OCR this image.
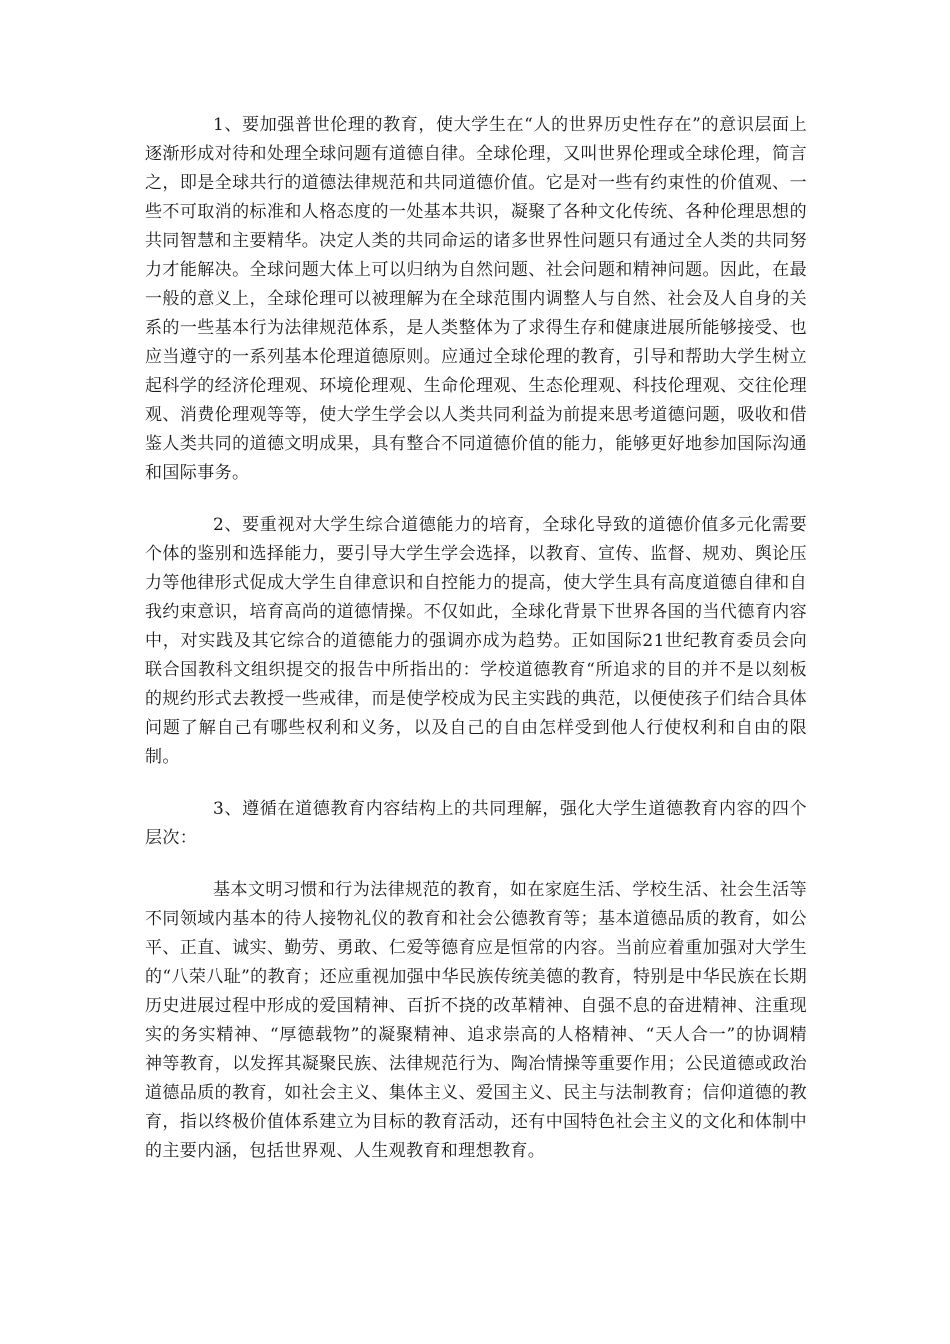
1、要加强普世伦理的教育，使大学生在“人的世界历史性存在”的意识层面上逐渐形成对待和处理全球问题有道德自律。全球伦理，又叫世界伦理或全球伦理，简言之，即是全球共行的道德法律规范和共同道德价值。它是对一些有约束性的价值观、一些不可取消的标准和人格态度的一处基本共识，凝聚了各种文化传统、各种伦理思想的共同智慧和主要精华。决定人类的共同命运的诸多世界性问题只有通过全人类的共同努力才能解决。全球问题大体上可以归纳为自然问题、社会问题和精神问题。因此，在最一般的意义上，全球伦理可以被理解为在全球范围内调整人与自然、社会及人自身的关系的一些基本行为法律规范体系，是人类整体为了求得生存和健康进展所能够接受、也应当遵守的一系列基本伦理道德原则。应通过全球伦理的教育，引导和帮助大学生树立起科学的经济伦理观、环境伦理观、生命伦理观、生态伦理观、科技伦理观、交往伦理观、消费伦理观等等，使大学生学会以人类共同利益为前提来思考道德问题，吸收和借鉴人类共同的道德文明成果，具有整合不同道德价值的能力，能够更好地参加国际沟通和国际事务。

2、要重视对大学生综合道德能力的培育，全球化导致的道德价值多元化需要个体的鉴别和选择能力，要引导大学生学会选择，以教育、宣传、监督、规劝、舆论压力等他律形式促成大学生自律意识和自控能力的提高，使大学生具有高度道德自律和自我约束意识，培育高尚的道德情操。不仅如此，全球化背景下世界各国的当代德育内容中，对实践及其它综合的道德能力的强调亦成为趋势。正如国际21世纪教育委员会向联合国教科文组织提交的报告中所指出的：学校道德教育“所追求的目的并不是以刻板的规约形式去教授一些戒律，而是使学校成为民主实践的典范，以便使孩子们结合具体问题了解自己有哪些权利和义务，以及自己的自由怎样受到他人行使权利和自由的限制。

3、遵循在道德教育内容结构上的共同理解，强化大学生道德教育内容的四个层次：

基本文明习惯和行为法律规范的教育，如在家庭生活、学校生活、社会生活等不同领域内基本的待人接物礼仪的教育和社会公德教育等；基本道德品质的教育，如公平、正直、诚实、勤劳、勇敢、仁爱等德育应是恒常的内容。当前应着重加强对大学生的“八荣八耻”的教育；还应重视加强中华民族传统美德的教育，特别是中华民族在长期历史进展过程中形成的爱国精神、百折不挠的改革精神、自强不息的奋进精神、注重现实的务实精神、“厚德载物”的凝聚精神、追求崇高的人格精神、“天人合一”的协调精神等教育，以发挥其凝聚民族、法律规范行为、陶冶情操等重要作用；公民道德或政治道德品质的教育，如社会主义、集体主义、爱国主义、民主与法制教育；信仰道德的教育，指以终极价值体系建立为目标的教育活动，还有中国特色社会主义的文化和体制中的主要内涵，包括世界观、人生观教育和理想教育。
